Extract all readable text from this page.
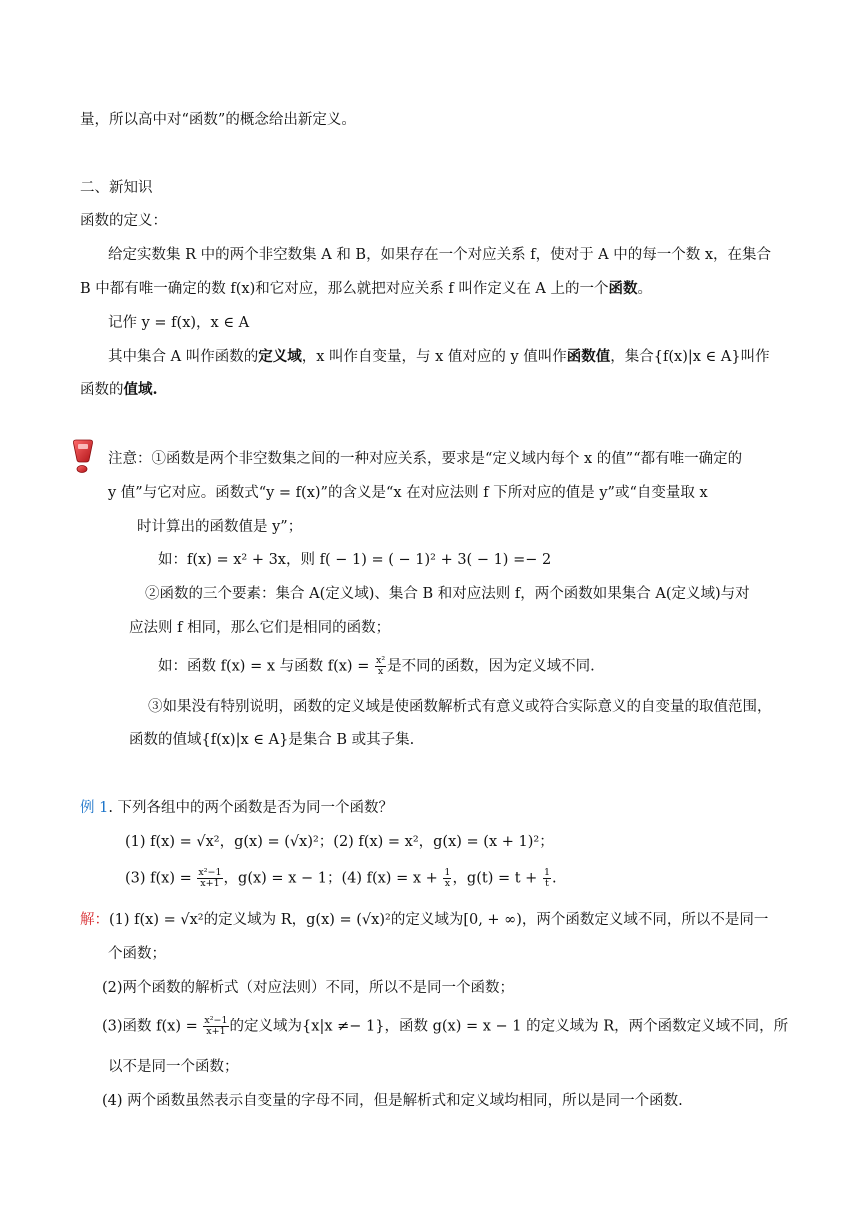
量，所以高中对“函数”的概念给出新定义。
二、新知识
函数的定义：
给定实数集 R 中的两个非空数集 A 和 B，如果存在一个对应关系 f，使对于 A 中的每一个数 x，在集合
B 中都有唯一确定的数 f(x)和它对应，那么就把对应关系 f 叫作定义在 A 上的一个函数。
记作 y = f(x)，x ∈ A
其中集合 A 叫作函数的定义域，x 叫作自变量，与 x 值对应的 y 值叫作函数值，集合{f(x)|x ∈ A}叫作
函数的值域.
注意：①函数是两个非空数集之间的一种对应关系，要求是“定义域内每个 x 的值”“都有唯一确定的
y 值”与它对应。函数式“y = f(x)”的含义是“x 在对应法则 f 下所对应的值是 y”或“自变量取 x
时计算出的函数值是 y”；
如：f(x) = x² + 3x，则 f( − 1) = ( − 1)² + 3( − 1) =− 2
②函数的三个要素：集合 A(定义域)、集合 B 和对应法则 f，两个函数如果集合 A(定义域)与对
应法则 f 相同，那么它们是相同的函数；
如：函数 f(x) = x 与函数 $f(x) = \frac{\text{x²}}{x}$ 是不同的函数，因为定义域不同.
③如果没有特别说明，函数的定义域是使函数解析式有意义或符合实际意义的自变量的取值范围，
函数的值域{f(x)|x ∈ A}是集合 B 或其子集.
例 1. 下列各组中的两个函数是否为同一个函数？
(1) f(x) = √x²，g(x) = (√x)²；(2) f(x) = x²，g(x) = (x + 1)²；
(3) $f(x) = \frac{\text{x²−1}}{x+1}$ ，g(x) = x − 1；(4) $f(x) = x + \frac{1}{x}$ ，$g(t) = t + \frac{1}{t}$ .
解：(1) f(x) = √x²的定义域为 R，g(x) = (√x)²的定义域为[0, + ∞)，两个函数定义域不同，所以不是同一
个函数；
(2)两个函数的解析式（对应法则）不同，所以不是同一个函数；
(3)函数 $f(x) = \frac{\text{x²−1}}{x+1}$ 的定义域为{x|x ≠− 1}，函数 g(x) = x − 1 的定义域为 R，两个函数定义域不同，所
以不是同一个函数；
(4) 两个函数虽然表示自变量的字母不同，但是解析式和定义域均相同，所以是同一个函数.
